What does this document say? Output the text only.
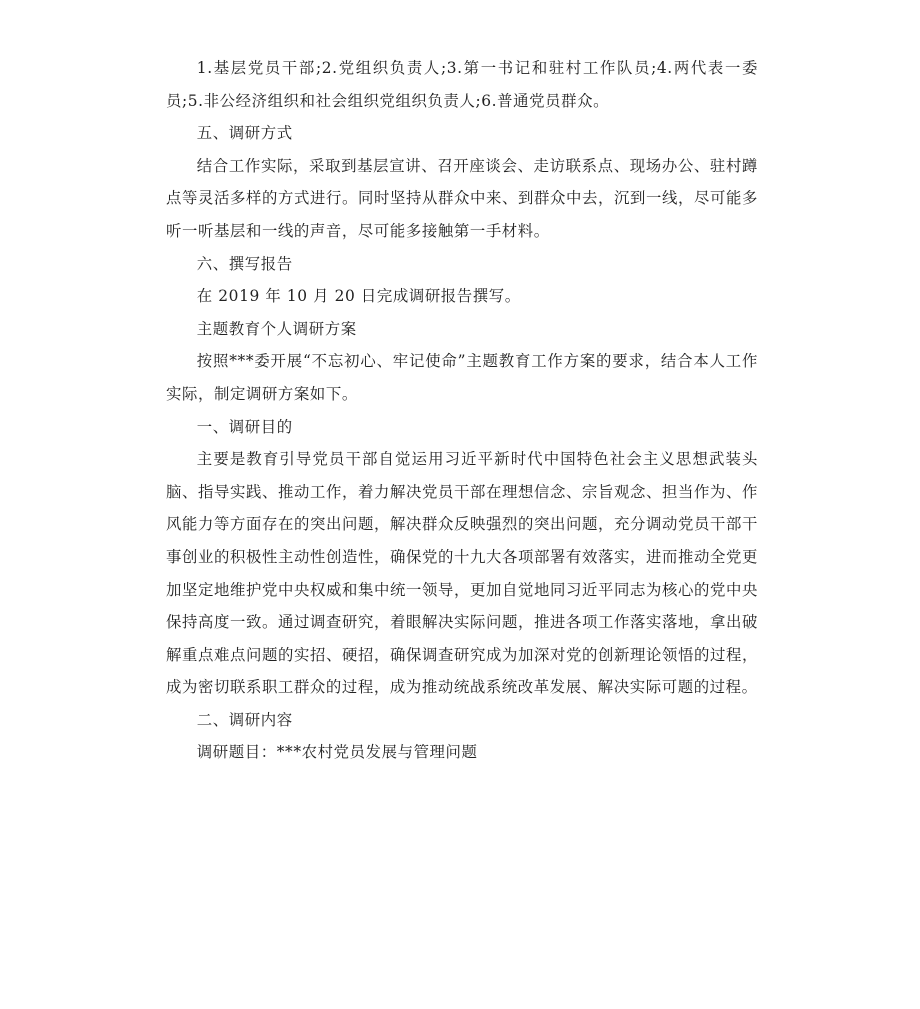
1.基层党员干部;2.党组织负责人;3.第一书记和驻村工作队员;4.两代表一委员;5.非公经济组织和社会组织党组织负责人;6.普通党员群众。

五、调研方式

结合工作实际，采取到基层宣讲、召开座谈会、走访联系点、现场办公、驻村蹲点等灵活多样的方式进行。同时坚持从群众中来、到群众中去，沉到一线，尽可能多听一听基层和一线的声音，尽可能多接触第一手材料。

六、撰写报告

在 2019 年 10 月 20 日完成调研报告撰写。

主题教育个人调研方案

按照***委开展“不忘初心、牢记使命”主题教育工作方案的要求，结合本人工作实际，制定调研方案如下。

一、调研目的

主要是教育引导党员干部自觉运用习近平新时代中国特色社会主义思想武装头脑、指导实践、推动工作，着力解决党员干部在理想信念、宗旨观念、担当作为、作风能力等方面存在的突出问题，解决群众反映强烈的突出问题，充分调动党员干部干事创业的积极性主动性创造性，确保党的十九大各项部署有效落实，进而推动全党更加坚定地维护党中央权威和集中统一领导，更加自觉地同习近平同志为核心的党中央保持高度一致。通过调查研究，着眼解决实际问题，推进各项工作落实落地，拿出破解重点难点问题的实招、硬招，确保调查研究成为加深对党的创新理论领悟的过程，成为密切联系职工群众的过程，成为推动统战系统改革发展、解决实际可题的过程。

二、调研内容

调研题目：***农村党员发展与管理问题
